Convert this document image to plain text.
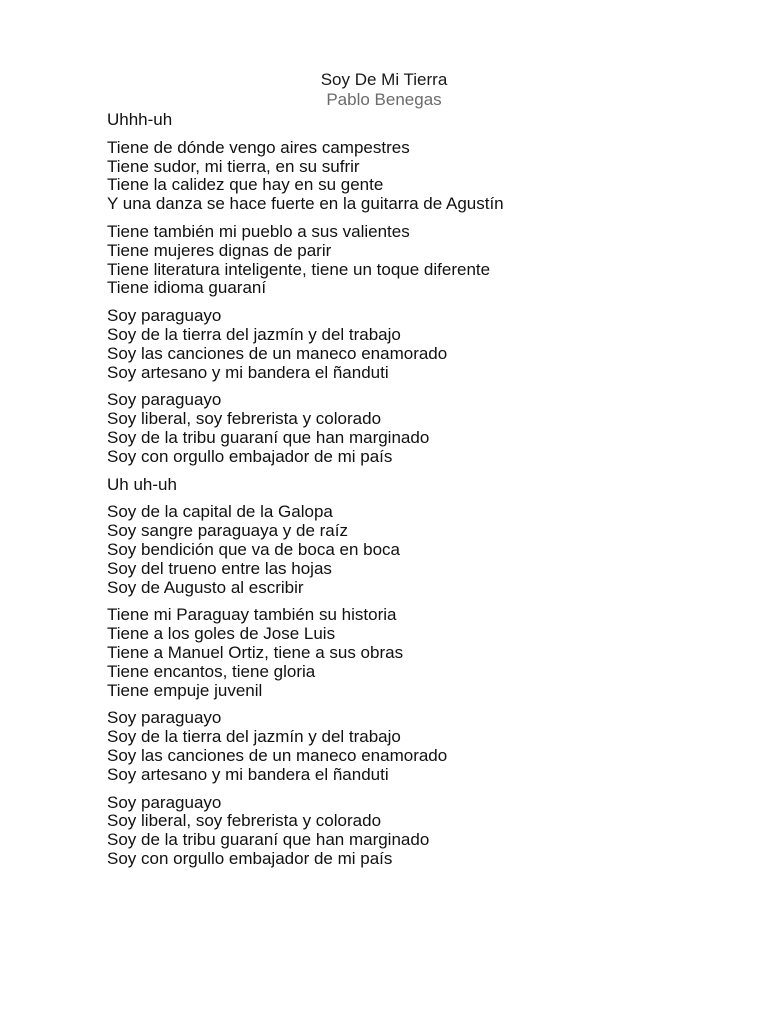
Soy De Mi Tierra
Pablo Benegas
Uhhh-uh
Tiene de dónde vengo aires campestres
Tiene sudor, mi tierra, en su sufrir
Tiene la calidez que hay en su gente
Y una danza se hace fuerte en la guitarra de Agustín
Tiene también mi pueblo a sus valientes
Tiene mujeres dignas de parir
Tiene literatura inteligente, tiene un toque diferente
Tiene idioma guaraní
Soy paraguayo
Soy de la tierra del jazmín y del trabajo
Soy las canciones de un maneco enamorado
Soy artesano y mi bandera el ñanduti
Soy paraguayo
Soy liberal, soy febrerista y colorado
Soy de la tribu guaraní que han marginado
Soy con orgullo embajador de mi país
Uh uh-uh
Soy de la capital de la Galopa
Soy sangre paraguaya y de raíz
Soy bendición que va de boca en boca
Soy del trueno entre las hojas
Soy de Augusto al escribir
Tiene mi Paraguay también su historia
Tiene a los goles de Jose Luis
Tiene a Manuel Ortiz, tiene a sus obras
Tiene encantos, tiene gloria
Tiene empuje juvenil
Soy paraguayo
Soy de la tierra del jazmín y del trabajo
Soy las canciones de un maneco enamorado
Soy artesano y mi bandera el ñanduti
Soy paraguayo
Soy liberal, soy febrerista y colorado
Soy de la tribu guaraní que han marginado
Soy con orgullo embajador de mi país
